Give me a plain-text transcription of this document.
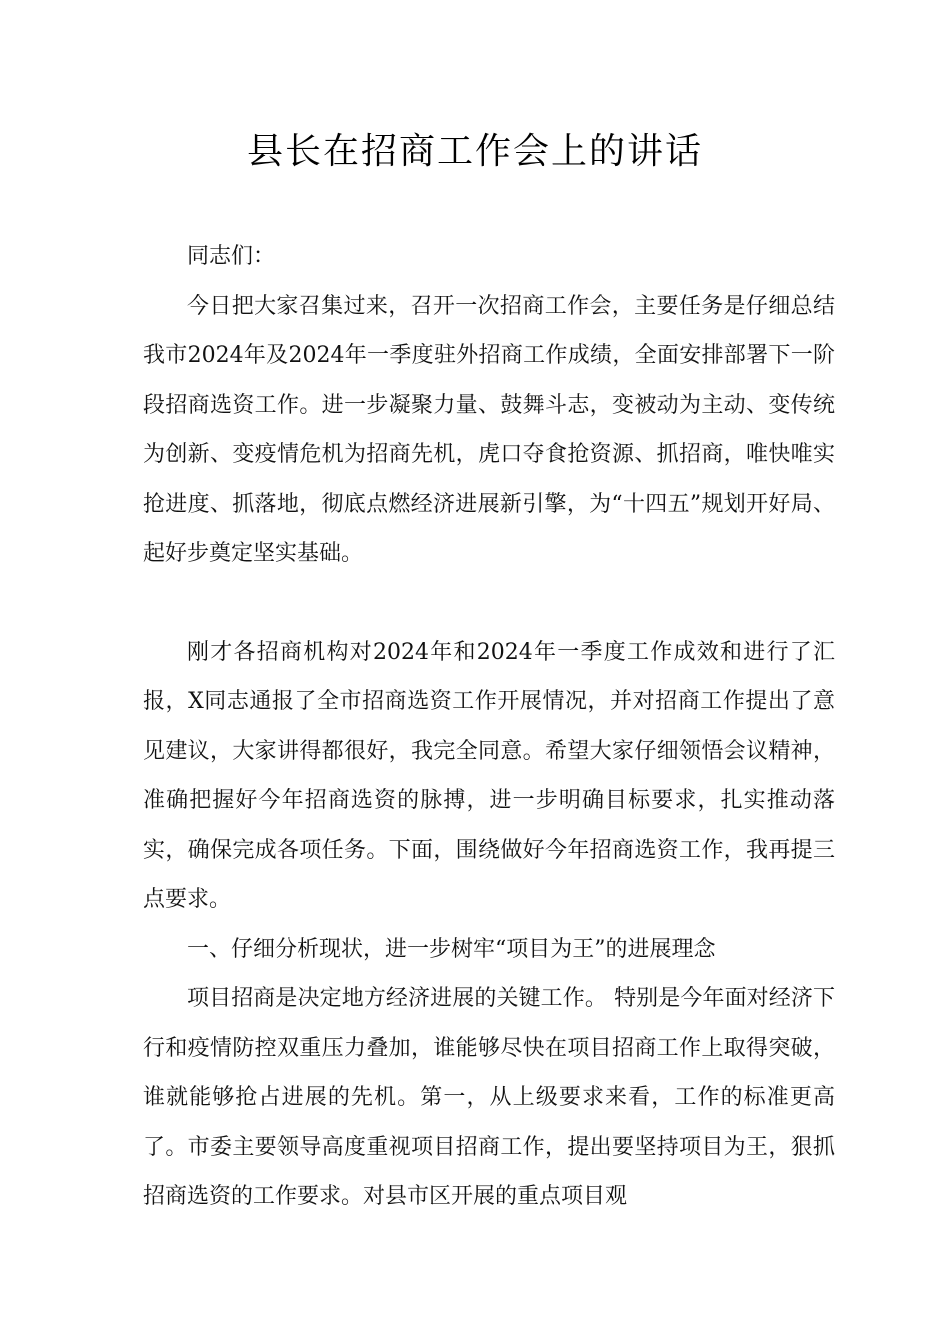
县长在招商工作会上的讲话

同志们：

今日把大家召集过来，召开一次招商工作会，主要任务是仔细总结我市2024年及2024年一季度驻外招商工作成绩，全面安排部署下一阶段招商选资工作。进一步凝聚力量、鼓舞斗志，变被动为主动、变传统为创新、变疫情危机为招商先机，虎口夺食抢资源、抓招商，唯快唯实抢进度、抓落地，彻底点燃经济进展新引擎，为“十四五”规划开好局、起好步奠定坚实基础。

刚才各招商机构对2024年和2024年一季度工作成效和进行了汇报，X同志通报了全市招商选资工作开展情况，并对招商工作提出了意见建议，大家讲得都很好，我完全同意。希望大家仔细领悟会议精神，准确把握好今年招商选资的脉搏，进一步明确目标要求，扎实推动落实，确保完成各项任务。下面，围绕做好今年招商选资工作，我再提三点要求。

一、仔细分析现状，进一步树牢“项目为王”的进展理念

项目招商是决定地方经济进展的关键工作。 特别是今年面对经济下行和疫情防控双重压力叠加，谁能够尽快在项目招商工作上取得突破，谁就能够抢占进展的先机。第一，从上级要求来看，工作的标准更高了。市委主要领导高度重视项目招商工作，提出要坚持项目为王，狠抓招商选资的工作要求。对县市区开展的重点项目观
